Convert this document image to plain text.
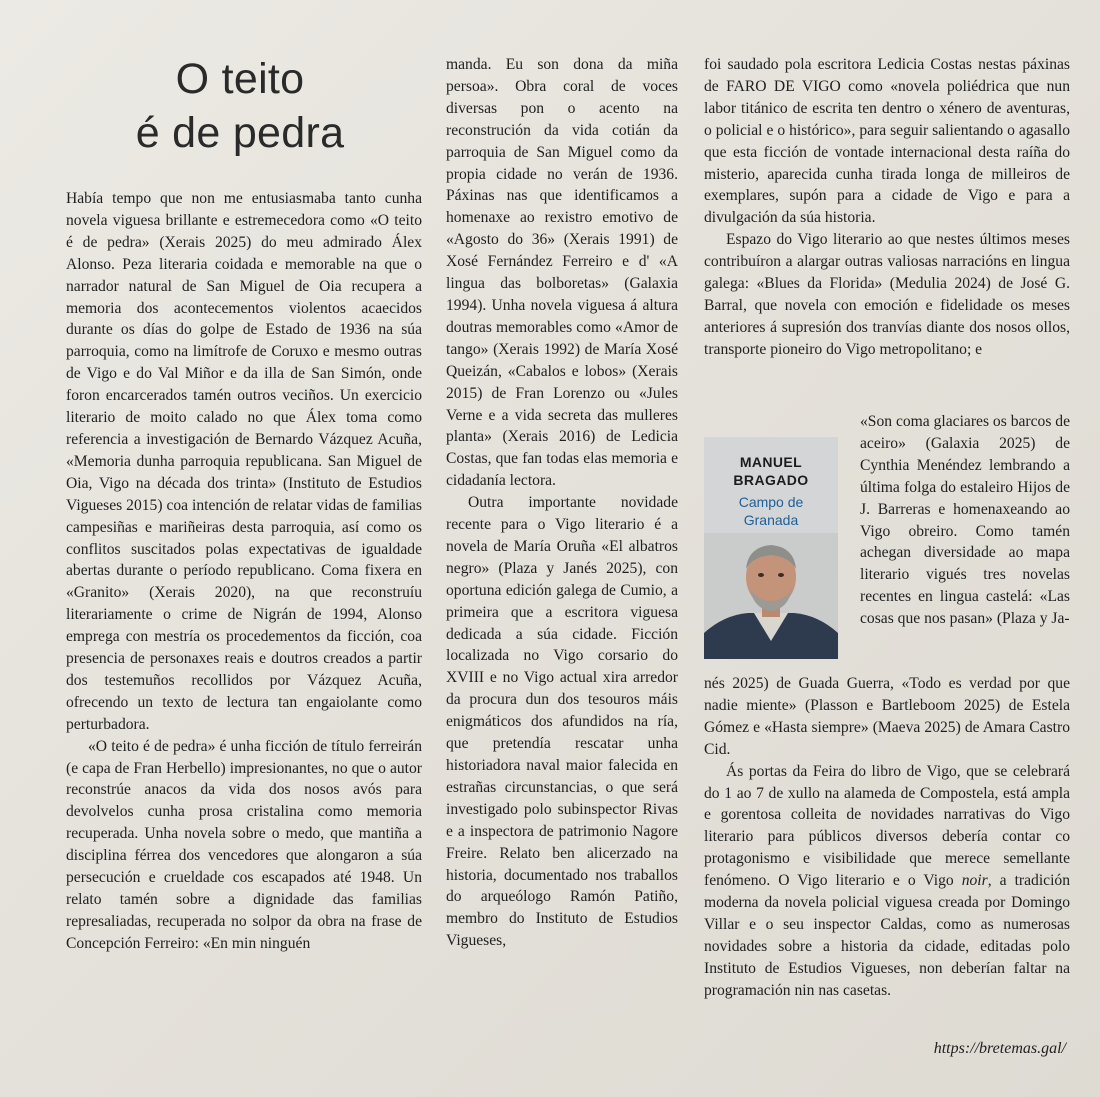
O teito
é de pedra

Había tempo que non me entusiasmaba tanto cunha novela viguesa brillante e estremecedora como «O teito é de pedra» (Xerais 2025) do meu admirado Álex Alonso. Peza literaria coidada e memorable na que o narrador natural de San Miguel de Oia recupera a memoria dos acontecementos violentos acaecidos durante os días do golpe de Estado de 1936 na súa parroquia, como na limítrofe de Coruxo e mesmo outras de Vigo e do Val Miñor e da illa de San Simón, onde foron encarcerados tamén outros veciños. Un exercicio literario de moito calado no que Álex toma como referencia a investigación de Bernardo Vázquez Acuña, «Memoria dunha parroquia republicana. San Miguel de Oia, Vigo na década dos trinta» (Instituto de Estudios Vigueses 2015) coa intención de relatar vidas de familias campesiñas e mariñeiras desta parroquia, así como os conflitos suscitados polas expectativas de igualdade abertas durante o período republicano. Coma fixera en «Granito» (Xerais 2020), na que reconstruíu literariamente o crime de Nigrán de 1994, Alonso emprega con mestría os procedementos da ficción, coa presencia de personaxes reais e doutros creados a partir dos testemuños recollidos por Vázquez Acuña, ofrecendo un texto de lectura tan engaiolante como perturbadora.

«O teito é de pedra» é unha ficción de título ferreirán (e capa de Fran Herbello) impresionantes, no que o autor reconstrúe anacos da vida dos nosos avós para devolvelos cunha prosa cristalina como memoria recuperada. Unha novela sobre o medo, que mantiña a disciplina férrea dos vencedores que alongaron a súa persecución e crueldade cos escapados até 1948. Un relato tamén sobre a dignidade das familias represaliadas, recuperada no solpor da obra na frase de Concepción Ferreiro: «En min ninguén

manda. Eu son dona da miña persoa». Obra coral de voces diversas pon o acento na reconstrución da vida cotián da parroquia de San Miguel como da propia cidade no verán de 1936. Páxinas nas que identificamos a homenaxe ao rexistro emotivo de «Agosto do 36» (Xerais 1991) de Xosé Fernández Ferreiro e d' «A lingua das bolboretas» (Galaxia 1994). Unha novela viguesa á altura doutras memorables como «Amor de tango» (Xerais 1992) de María Xosé Queizán, «Cabalos e lobos» (Xerais 2015) de Fran Lorenzo ou «Jules Verne e a vida secreta das mulleres planta» (Xerais 2016) de Ledicia Costas, que fan todas elas memoria e cidadanía lectora.

Outra importante novidade recente para o Vigo literario é a novela de María Oruña «El albatros negro» (Plaza y Janés 2025), con oportuna edición galega de Cumio, a primeira que a escritora viguesa dedicada a súa cidade. Ficción localizada no Vigo corsario do XVIII e no Vigo actual xira arredor da procura dun dos tesouros máis enigmáticos dos afundidos na ría, que pretendía rescatar unha historiadora naval maior falecida en estrañas circunstancias, o que será investigado polo subinspector Rivas e a inspectora de patrimonio Nagore Freire. Relato ben alicerzado na historia, documentado nos traballos do arqueólogo Ramón Patiño, membro do Instituto de Estudios Vigueses,

foi saudado pola escritora Ledicia Costas nestas páxinas de FARO DE VIGO como «novela poliédrica que nun labor titánico de escrita ten dentro o xénero de aventuras, o policial e o histórico», para seguir salientando o agasallo que esta ficción de vontade internacional desta raíña do misterio, aparecida cunha tirada longa de milleiros de exemplares, supón para a cidade de Vigo e para a divulgación da súa historia.

Espazo do Vigo literario ao que nestes últimos meses contribuíron a alargar outras valiosas narracións en lingua galega: «Blues da Florida» (Medulia 2024) de José G. Barral, que novela con emoción e fidelidade os meses anteriores á supresión dos tranvías diante dos nosos ollos, transporte pioneiro do Vigo metropolitano; e

«Son coma glaciares os barcos de aceiro» (Galaxia 2025) de Cynthia Menéndez lembrando a última folga do estaleiro Hijos de J. Barreras e homenaxeando ao Vigo obreiro. Como tamén achegan diversidade ao mapa literario vigués tres novelas recentes en lingua castelá: «Las cosas que nos pasan» (Plaza y Ja-

nés 2025) de Guada Guerra, «Todo es verdad por que nadie miente» (Plasson e Bartleboom 2025) de Estela Gómez e «Hasta siempre» (Maeva 2025) de Amara Castro Cid.

Ás portas da Feira do libro de Vigo, que se celebrará do 1 ao 7 de xullo na alameda de Compostela, está ampla e gorentosa colleita de novidades narrativas do Vigo literario para públicos diversos debería contar co protagonismo e visibilidade que merece semellante fenómeno. O Vigo literario e o Vigo noir, a tradición moderna da novela policial viguesa creada por Domingo Villar e o seu inspector Caldas, como as numerosas novidades sobre a historia da cidade, editadas polo Instituto de Estudios Vigueses, non deberían faltar na programación nin nas casetas.

MANUEL
BRAGADO
Campo de
Granada
https://bretemas.gal/
